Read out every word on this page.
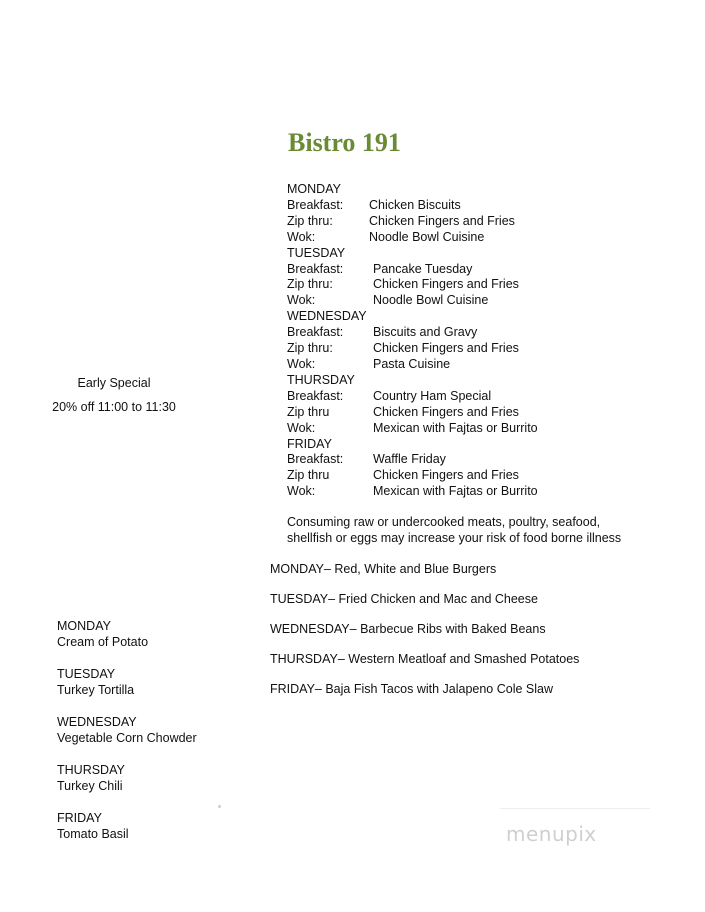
Bistro 191
MONDAY
Breakfast:	Chicken Biscuits
Zip thru:	Chicken Fingers and Fries
Wok:	Noodle Bowl Cuisine
TUESDAY
Breakfast:	Pancake Tuesday
Zip thru:	Chicken Fingers and Fries
Wok:	Noodle Bowl Cuisine
WEDNESDAY
Breakfast:	Biscuits and Gravy
Zip thru:	Chicken Fingers and Fries
Wok:	Pasta Cuisine
THURSDAY
Breakfast:	Country Ham Special
Zip thru	Chicken Fingers and Fries
Wok:	Mexican with Fajtas or Burrito
FRIDAY
Breakfast:	Waffle Friday
Zip thru	Chicken Fingers and Fries
Wok:	Mexican with Fajtas or Burrito
Consuming raw or undercooked meats, poultry, seafood,
shellfish or eggs may increase your risk of food borne illness
Early Special
20% off 11:00 to 11:30
MONDAY– Red, White and Blue Burgers
TUESDAY– Fried Chicken and Mac and Cheese
WEDNESDAY– Barbecue Ribs with Baked Beans
THURSDAY– Western Meatloaf and Smashed Potatoes
FRIDAY– Baja Fish Tacos with Jalapeno Cole Slaw
MONDAY
Cream of Potato
TUESDAY
Turkey Tortilla
WEDNESDAY
Vegetable Corn Chowder
THURSDAY
Turkey Chili
FRIDAY
Tomato Basil	menupix
